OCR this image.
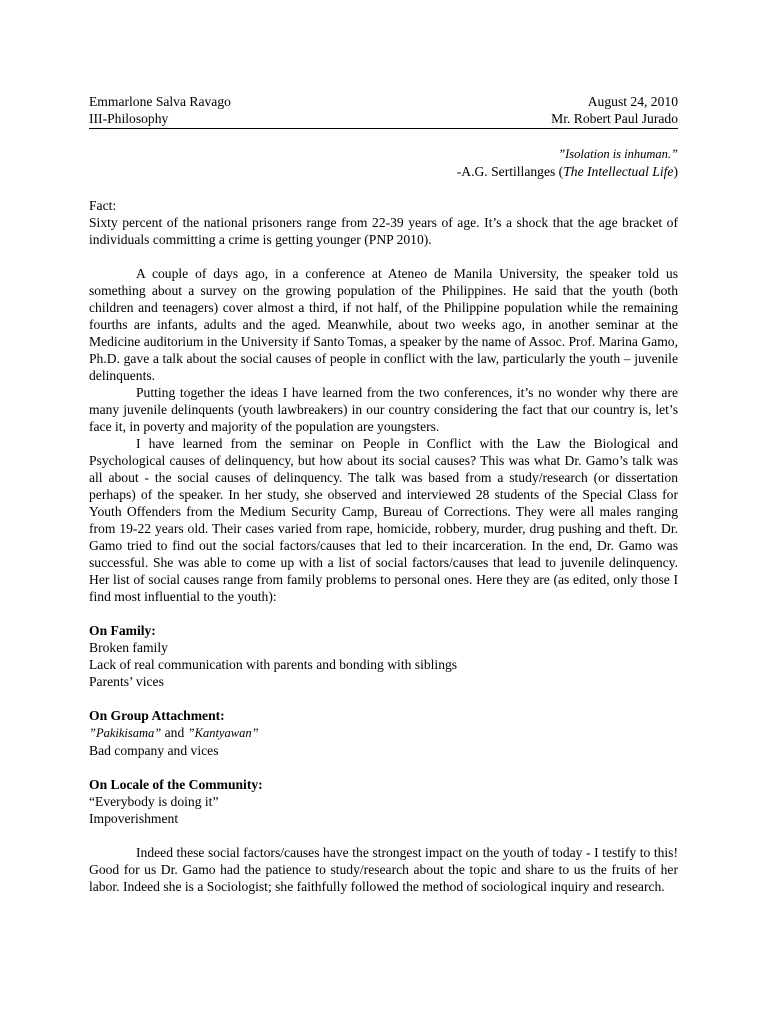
Emmarlone Salva Ravago	August 24, 2010
III-Philosophy	Mr. Robert Paul Jurado
”Isolation is inhuman.”
-A.G. Sertillanges (The Intellectual Life)
Fact:

Sixty percent of the national prisoners range from 22-39 years of age. It’s a shock that the age bracket of individuals committing a crime is getting younger (PNP 2010).

A couple of days ago, in a conference at Ateneo de Manila University, the speaker told us something about a survey on the growing population of the Philippines. He said that the youth (both children and teenagers) cover almost a third, if not half, of the Philippine population while the remaining fourths are infants, adults and the aged. Meanwhile, about two weeks ago, in another seminar at the Medicine auditorium in the University if Santo Tomas, a speaker by the name of Assoc. Prof. Marina Gamo, Ph.D. gave a talk about the social causes of people in conflict with the law, particularly the youth – juvenile delinquents.

Putting together the ideas I have learned from the two conferences, it’s no wonder why there are many juvenile delinquents (youth lawbreakers) in our country considering the fact that our country is, let’s face it, in poverty and majority of the population are youngsters.

I have learned from the seminar on People in Conflict with the Law the Biological and Psychological causes of delinquency, but how about its social causes? This was what Dr. Gamo’s talk was all about - the social causes of delinquency. The talk was based from a study/research (or dissertation perhaps) of the speaker. In her study, she observed and interviewed 28 students of the Special Class for Youth Offenders from the Medium Security Camp, Bureau of Corrections. They were all males ranging from 19-22 years old. Their cases varied from rape, homicide, robbery, murder, drug pushing and theft. Dr. Gamo tried to find out the social factors/causes that led to their incarceration. In the end, Dr. Gamo was successful. She was able to come up with a list of social factors/causes that lead to juvenile delinquency. Her list of social causes range from family problems to personal ones. Here they are (as edited, only those I find most influential to the youth):

On Family:
Broken family
Lack of real communication with parents and bonding with siblings
Parents’ vices
On Group Attachment:
”Pakikisama” and ”Kantyawan”
Bad company and vices
On Locale of the Community:
“Everybody is doing it”
Impoverishment

Indeed these social factors/causes have the strongest impact on the youth of today - I testify to this! Good for us Dr. Gamo had the patience to study/research about the topic and share to us the fruits of her labor. Indeed she is a Sociologist; she faithfully followed the method of sociological inquiry and research.
